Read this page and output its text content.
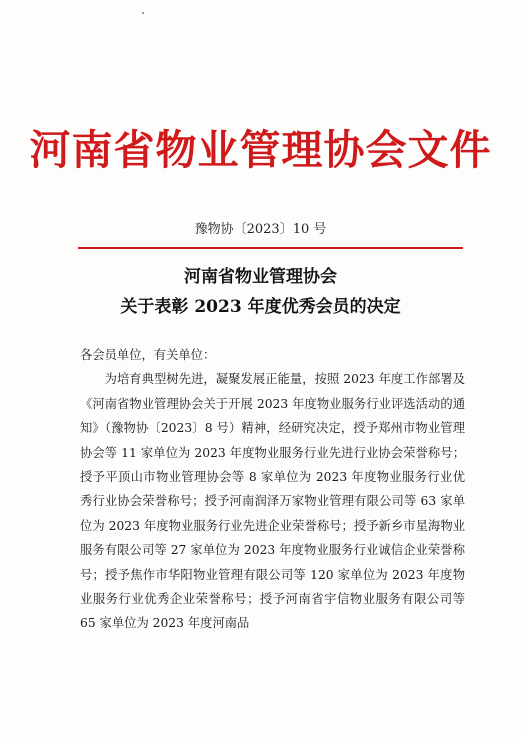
河南省物业管理协会文件
豫物协〔2023〕10 号
河南省物业管理协会
关于表彰 2023 年度优秀会员的决定

各会员单位，有关单位：

为培育典型树先进，凝聚发展正能量，按照 2023 年度工作部署及《河南省物业管理协会关于开展 2023 年度物业服务行业评选活动的通知》（豫物协〔2023〕8 号）精神，经研究决定，授予郑州市物业管理协会等 11 家单位为 2023 年度物业服务行业先进行业协会荣誉称号；授予平顶山市物业管理协会等 8 家单位为 2023 年度物业服务行业优秀行业协会荣誉称号；授予河南润泽万家物业管理有限公司等 63 家单位为 2023 年度物业服务行业先进企业荣誉称号；授予新乡市星海物业服务有限公司等 27 家单位为 2023 年度物业服务行业诚信企业荣誉称号；授予焦作市华阳物业管理有限公司等 120 家单位为 2023 年度物业服务行业优秀企业荣誉称号；授予河南省宇信物业服务有限公司等 65 家单位为 2023 年度河南品
